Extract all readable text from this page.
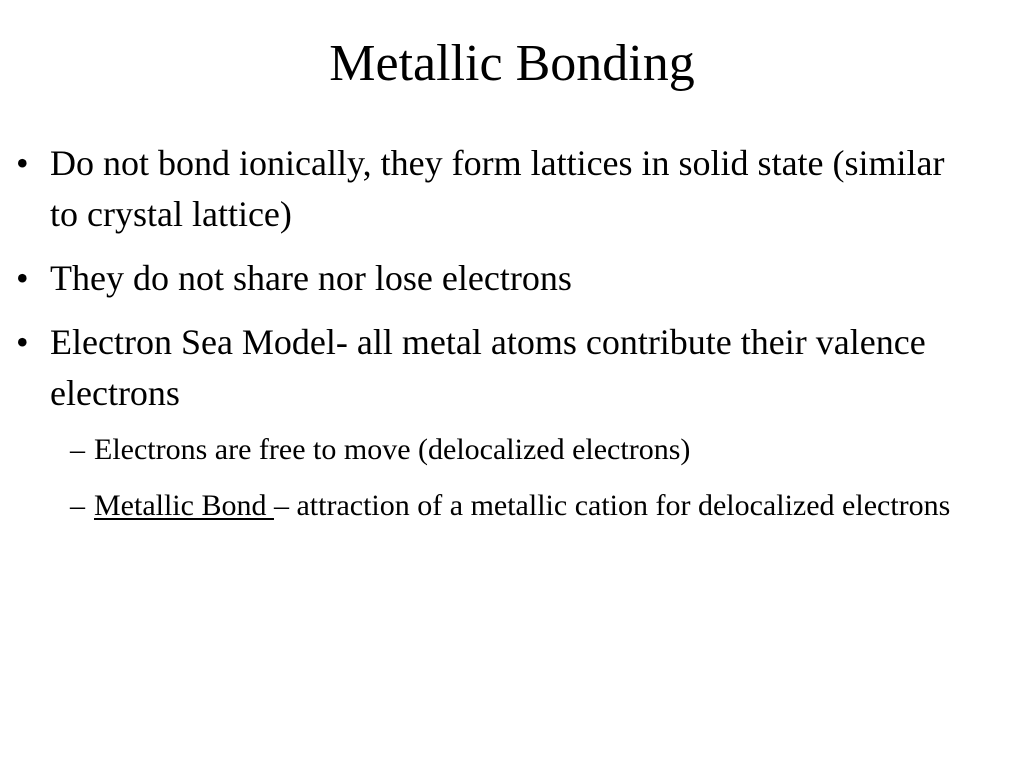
Metallic Bonding
• Do not bond ionically, they form lattices in solid state (similar to crystal lattice)
• They do not share nor lose electrons
• Electron Sea Model- all metal atoms contribute their valence electrons
– Electrons are free to move (delocalized electrons)
– Metallic Bond – attraction of a metallic cation for delocalized electrons
